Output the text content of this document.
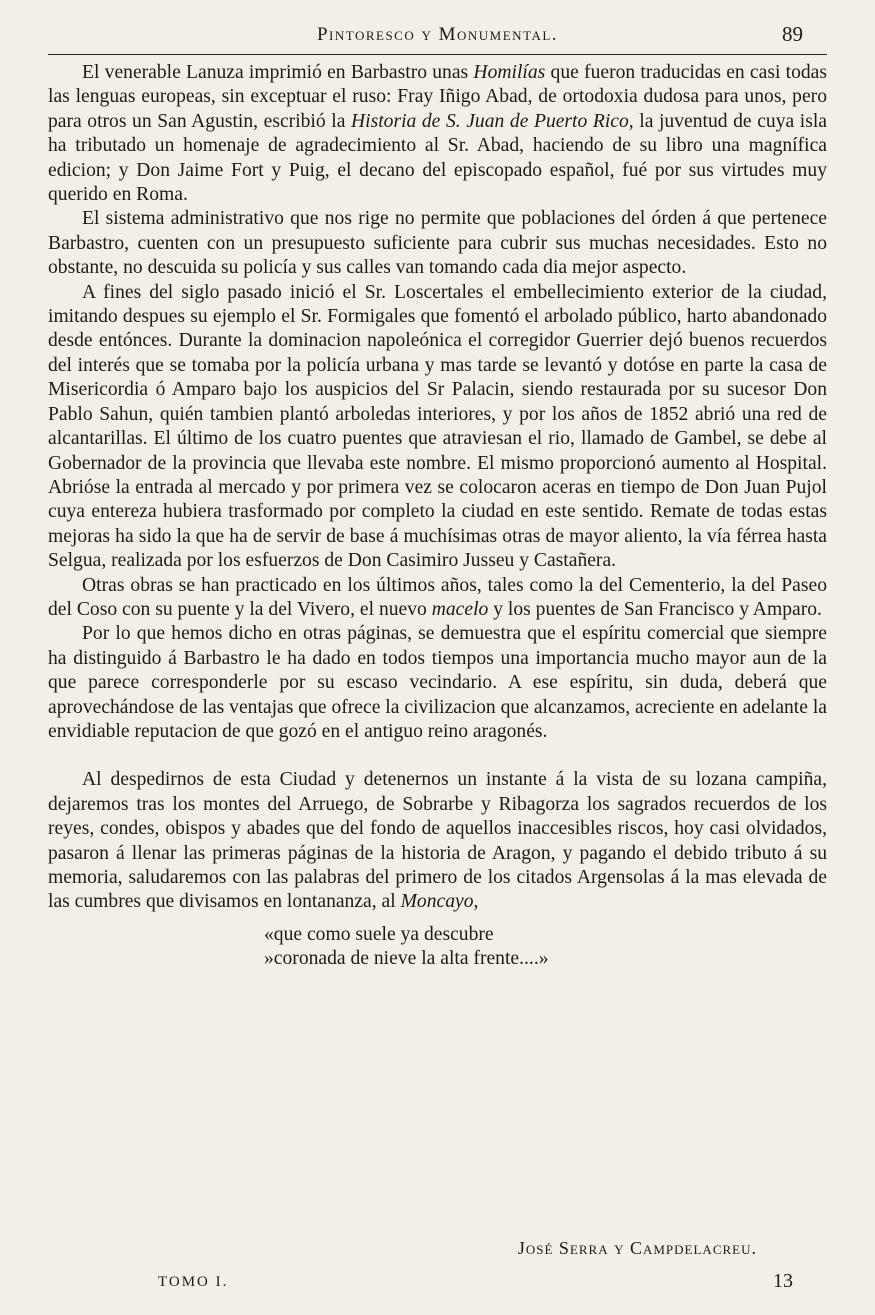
Pintoresco y Monumental.	89

El venerable Lanuza imprimió en Barbastro unas Homilías que fueron traducidas en casi todas las lenguas europeas, sin exceptuar el ruso: Fray Iñigo Abad, de ortodoxia dudosa para unos, pero para otros un San Agustin, escribió la Historia de S. Juan de Puerto Rico, la juventud de cuya isla ha tributado un homenaje de agradecimiento al Sr. Abad, haciendo de su libro una magnífica edicion; y Don Jaime Fort y Puig, el decano del episcopado español, fué por sus virtudes muy querido en Roma.

El sistema administrativo que nos rige no permite que poblaciones del órden á que pertenece Barbastro, cuenten con un presupuesto suficiente para cubrir sus muchas necesidades. Esto no obstante, no descuida su policía y sus calles van tomando cada dia mejor aspecto.

A fines del siglo pasado inició el Sr. Loscertales el embellecimiento exterior de la ciudad, imitando despues su ejemplo el Sr. Formigales que fomentó el arbolado público, harto abandonado desde entónces. Durante la dominacion napoleónica el corregidor Guerrier dejó buenos recuerdos del interés que se tomaba por la policía urbana y mas tarde se levantó y dotóse en parte la casa de Misericordia ó Amparo bajo los auspicios del Sr Palacin, siendo restaurada por su sucesor Don Pablo Sahun, quién tambien plantó arboledas interiores, y por los años de 1852 abrió una red de alcantarillas. El último de los cuatro puentes que atraviesan el rio, llamado de Gambel, se debe al Gobernador de la provincia que llevaba este nombre. El mismo proporcionó aumento al Hospital. Abrióse la entrada al mercado y por primera vez se colocaron aceras en tiempo de Don Juan Pujol cuya entereza hubiera trasformado por completo la ciudad en este sentido. Remate de todas estas mejoras ha sido la que ha de servir de base á muchísimas otras de mayor aliento, la vía férrea hasta Selgua, realizada por los esfuerzos de Don Casimiro Jusseu y Castañera.

Otras obras se han practicado en los últimos años, tales como la del Cementerio, la del Paseo del Coso con su puente y la del Vivero, el nuevo macelo y los puentes de San Francisco y Amparo.

Por lo que hemos dicho en otras páginas, se demuestra que el espíritu comercial que siempre ha distinguido á Barbastro le ha dado en todos tiempos una importancia mucho mayor aun de la que parece corresponderle por su escaso vecindario. A ese espíritu, sin duda, deberá que aprovechándose de las ventajas que ofrece la civilizacion que alcanzamos, acreciente en adelante la envidiable reputacion de que gozó en el antiguo reino aragonés.

Al despedirnos de esta Ciudad y detenernos un instante á la vista de su lozana campiña, dejaremos tras los montes del Arruego, de Sobrarbe y Ribagorza los sagrados recuerdos de los reyes, condes, obispos y abades que del fondo de aquellos inaccesibles riscos, hoy casi olvidados, pasaron á llenar las primeras páginas de la historia de Aragon, y pagando el debido tributo á su memoria, saludaremos con las palabras del primero de los citados Argensolas á la mas elevada de las cumbres que divisamos en lontananza, al Moncayo,

«que como suele ya descubre
»coronada de nieve la alta frente....»
José Serra y Campdelacreu.
TOMO I.	13
